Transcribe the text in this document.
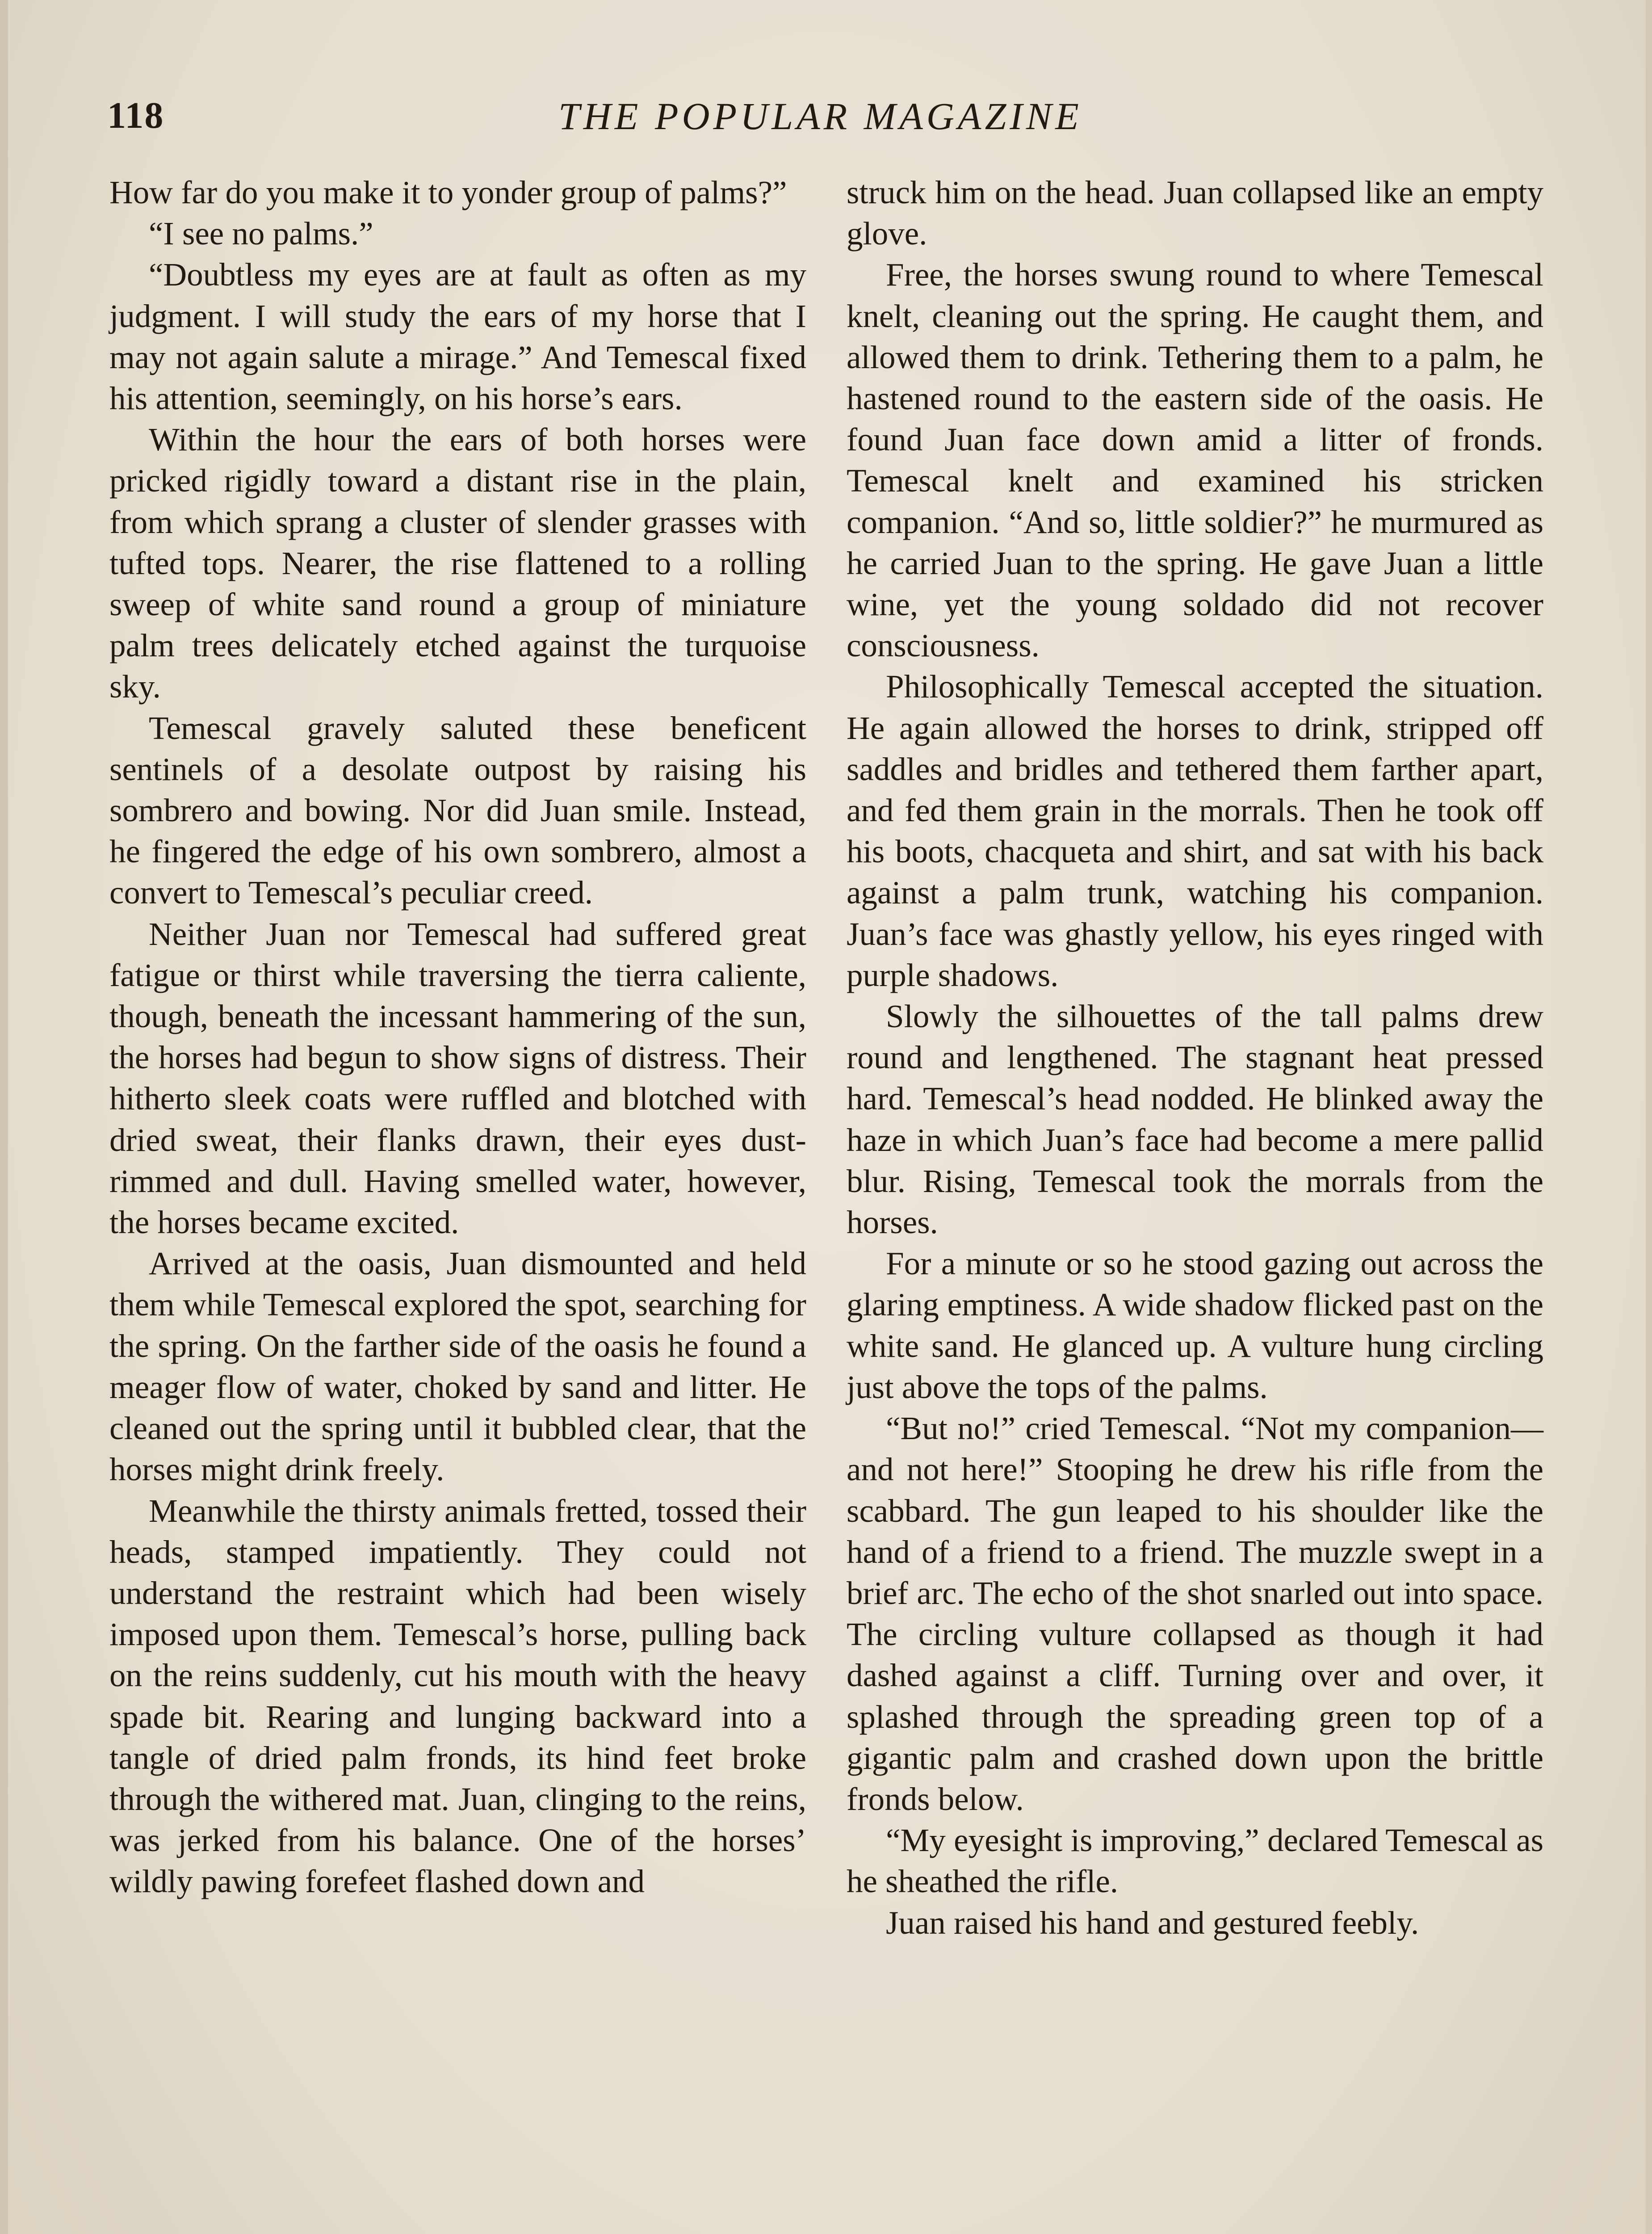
118	THE POPULAR MAGAZINE

How far do you make it to yonder group of palms?”

“I see no palms.”

“Doubtless my eyes are at fault as often as my judgment. I will study the ears of my horse that I may not again salute a mirage.” And Temescal fixed his attention, seemingly, on his horse’s ears.

Within the hour the ears of both horses were pricked rigidly toward a distant rise in the plain, from which sprang a cluster of slender grasses with tufted tops. Nearer, the rise flattened to a rolling sweep of white sand round a group of miniature palm trees delicately etched against the turquoise sky.

Temescal gravely saluted these beneficent sentinels of a desolate outpost by raising his sombrero and bowing. Nor did Juan smile. Instead, he fingered the edge of his own sombrero, almost a convert to Temescal’s peculiar creed.

Neither Juan nor Temescal had suffered great fatigue or thirst while traversing the tierra caliente, though, beneath the incessant hammering of the sun, the horses had begun to show signs of distress. Their hitherto sleek coats were ruffled and blotched with dried sweat, their flanks drawn, their eyes dust-rimmed and dull. Having smelled water, however, the horses became excited.

Arrived at the oasis, Juan dismounted and held them while Temescal explored the spot, searching for the spring. On the farther side of the oasis he found a meager flow of water, choked by sand and litter. He cleaned out the spring until it bubbled clear, that the horses might drink freely.

Meanwhile the thirsty animals fretted, tossed their heads, stamped impatiently. They could not understand the restraint which had been wisely imposed upon them. Temescal’s horse, pulling back on the reins suddenly, cut his mouth with the heavy spade bit. Rearing and lunging backward into a tangle of dried palm fronds, its hind feet broke through the withered mat. Juan, clinging to the reins, was jerked from his balance. One of the horses’ wildly pawing forefeet flashed down and

struck him on the head. Juan collapsed like an empty glove.

Free, the horses swung round to where Temescal knelt, cleaning out the spring. He caught them, and allowed them to drink. Tethering them to a palm, he hastened round to the eastern side of the oasis. He found Juan face down amid a litter of fronds. Temescal knelt and examined his stricken companion. “And so, little soldier?” he murmured as he carried Juan to the spring. He gave Juan a little wine, yet the young soldado did not recover consciousness.

Philosophically Temescal accepted the situation. He again allowed the horses to drink, stripped off saddles and bridles and tethered them farther apart, and fed them grain in the morrals. Then he took off his boots, chacqueta and shirt, and sat with his back against a palm trunk, watching his companion. Juan’s face was ghastly yellow, his eyes ringed with purple shadows.

Slowly the silhouettes of the tall palms drew round and lengthened. The stagnant heat pressed hard. Temescal’s head nodded. He blinked away the haze in which Juan’s face had become a mere pallid blur. Rising, Temescal took the morrals from the horses.

For a minute or so he stood gazing out across the glaring emptiness. A wide shadow flicked past on the white sand. He glanced up. A vulture hung circling just above the tops of the palms.

“But no!” cried Temescal. “Not my companion—and not here!” Stooping he drew his rifle from the scabbard. The gun leaped to his shoulder like the hand of a friend to a friend. The muzzle swept in a brief arc. The echo of the shot snarled out into space. The circling vulture collapsed as though it had dashed against a cliff. Turning over and over, it splashed through the spreading green top of a gigantic palm and crashed down upon the brittle fronds below.

“My eyesight is improving,” declared Temescal as he sheathed the rifle.

Juan raised his hand and gestured feebly.
